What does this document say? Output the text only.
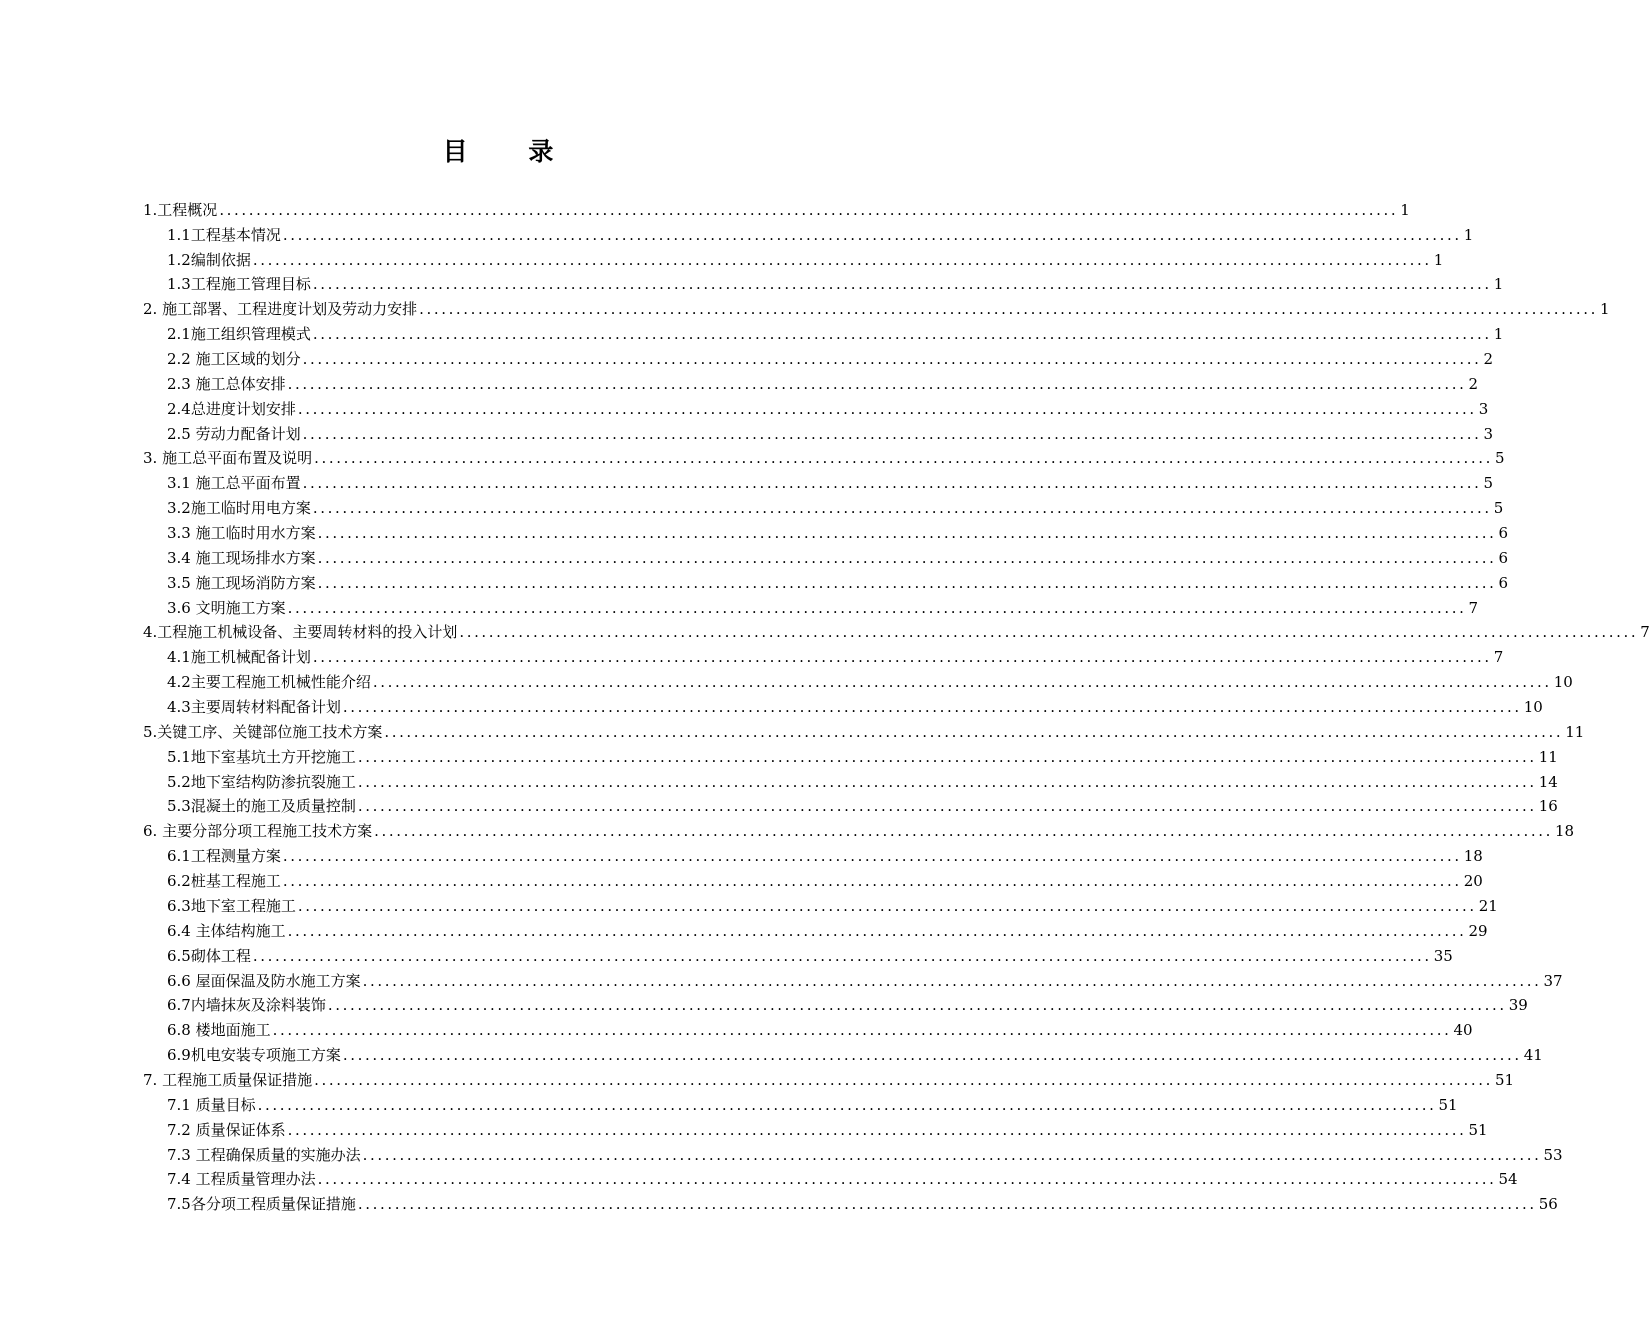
目 录
1.工程概况 ................................................................................................................................................................ 1
1.1工程基本情况 ................................................................................................................................................................ 1
1.2编制依据 ................................................................................................................................................................ 1
1.3工程施工管理目标 ................................................................................................................................................................ 1
2. 施工部署、工程进度计划及劳动力安排 ................................................................................................................................................................ 1
2.1施工组织管理模式 ................................................................................................................................................................ 1
2.2 施工区域的划分 ................................................................................................................................................................ 2
2.3 施工总体安排 ................................................................................................................................................................ 2
2.4总进度计划安排 ................................................................................................................................................................ 3
2.5 劳动力配备计划 ................................................................................................................................................................ 3
3. 施工总平面布置及说明 ................................................................................................................................................................ 5
3.1 施工总平面布置 ................................................................................................................................................................ 5
3.2施工临时用电方案 ................................................................................................................................................................ 5
3.3 施工临时用水方案 ................................................................................................................................................................ 6
3.4 施工现场排水方案 ................................................................................................................................................................ 6
3.5 施工现场消防方案 ................................................................................................................................................................ 6
3.6 文明施工方案 ................................................................................................................................................................ 7
4.工程施工机械设备、主要周转材料的投入计划 ................................................................................................................................................................ 7
4.1施工机械配备计划 ................................................................................................................................................................ 7
4.2主要工程施工机械性能介绍 ................................................................................................................................................................ 10
4.3主要周转材料配备计划 ................................................................................................................................................................ 10
5.关键工序、关键部位施工技术方案 ................................................................................................................................................................ 11
5.1地下室基坑土方开挖施工 ................................................................................................................................................................ 11
5.2地下室结构防渗抗裂施工 ................................................................................................................................................................ 14
5.3混凝土的施工及质量控制 ................................................................................................................................................................ 16
6. 主要分部分项工程施工技术方案 ................................................................................................................................................................ 18
6.1工程测量方案 ................................................................................................................................................................ 18
6.2桩基工程施工 ................................................................................................................................................................ 20
6.3地下室工程施工 ................................................................................................................................................................ 21
6.4 主体结构施工 ................................................................................................................................................................ 29
6.5砌体工程 ................................................................................................................................................................ 35
6.6 屋面保温及防水施工方案 ................................................................................................................................................................ 37
6.7内墙抹灰及涂料装饰 ................................................................................................................................................................ 39
6.8 楼地面施工 ................................................................................................................................................................ 40
6.9机电安装专项施工方案 ................................................................................................................................................................ 41
7. 工程施工质量保证措施 ................................................................................................................................................................ 51
7.1 质量目标 ................................................................................................................................................................ 51
7.2 质量保证体系 ................................................................................................................................................................ 51
7.3 工程确保质量的实施办法 ................................................................................................................................................................ 53
7.4 工程质量管理办法 ................................................................................................................................................................ 54
7.5各分项工程质量保证措施 ................................................................................................................................................................ 56
